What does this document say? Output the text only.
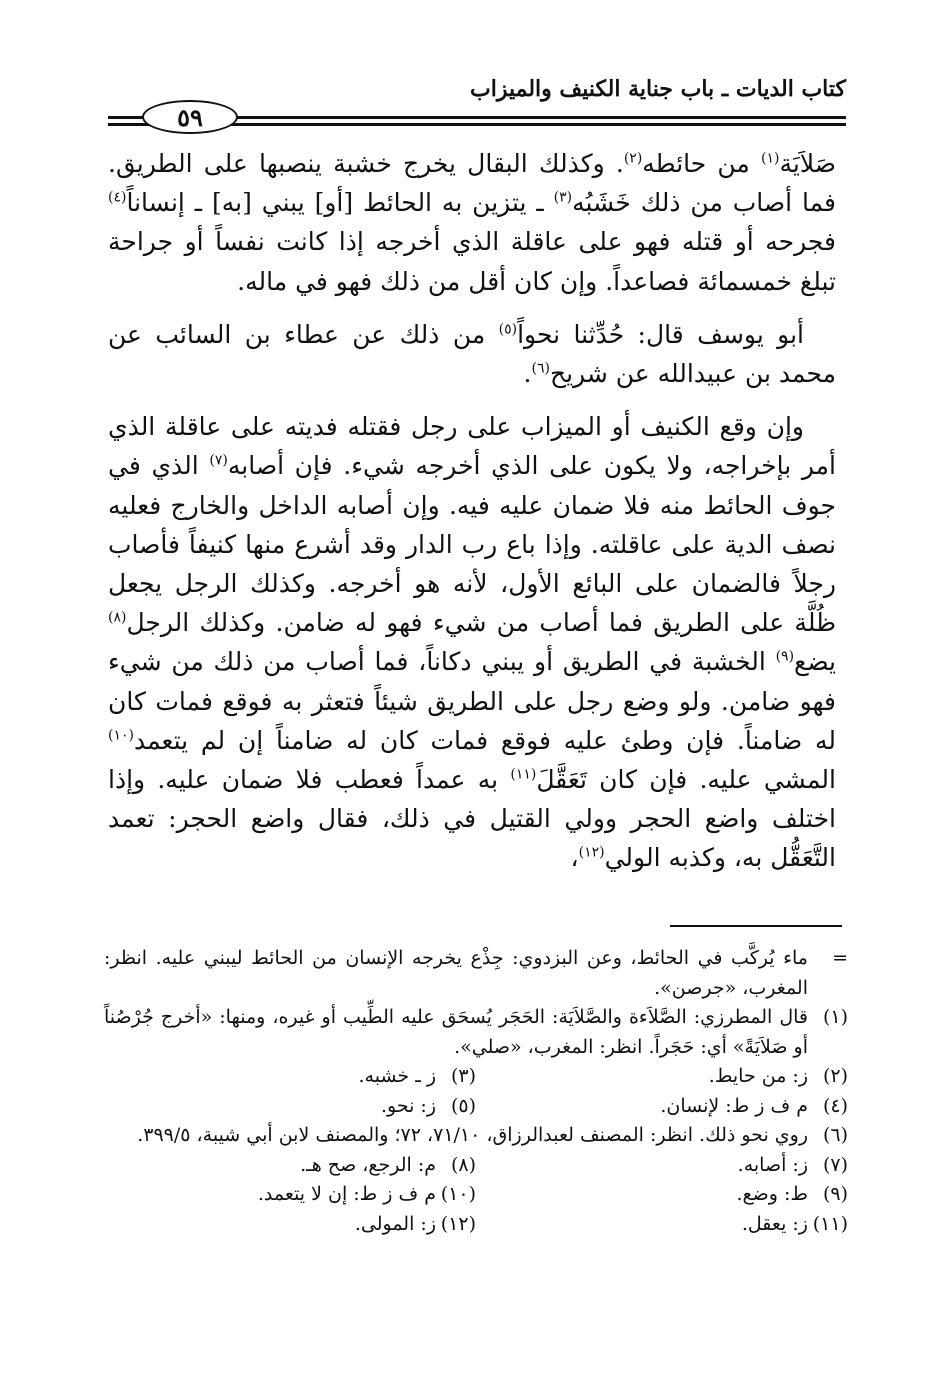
كتاب الديات ـ باب جناية الكنيف والميزاب
٥٩

صَلاَيَة$^{(١)}$ من حائطه$^{(٢)}$. وكذلك البقال يخرج خشبة ينصبها على الطريق. فما أصاب من ذلك خَشَبُه$^{(٣)}$ ـ يتزين به الحائط [أو] يبني [به] ـ إنساناً$^{(٤)}$ فجرحه أو قتله فهو على عاقلة الذي أخرجه إذا كانت نفساً أو جراحة تبلغ خمسمائة فصاعداً. وإن كان أقل من ذلك فهو في ماله.

أبو يوسف قال: حُدِّثنا نحواً$^{(٥)}$ من ذلك عن عطاء بن السائب عن محمد بن عبيدالله عن شريح$^{(٦)}$.

وإن وقع الكنيف أو الميزاب على رجل فقتله فديته على عاقلة الذي أمر بإخراجه، ولا يكون على الذي أخرجه شيء. فإن أصابه$^{(٧)}$ الذي في جوف الحائط منه فلا ضمان عليه فيه. وإن أصابه الداخل والخارج فعليه نصف الدية على عاقلته. وإذا باع رب الدار وقد أشرع منها كنيفاً فأصاب رجلاً فالضمان على البائع الأول، لأنه هو أخرجه. وكذلك الرجل يجعل ظُلَّة على الطريق فما أصاب من شيء فهو له ضامن. وكذلك الرجل$^{(٨)}$ يضع$^{(٩)}$ الخشبة في الطريق أو يبني دكاناً، فما أصاب من ذلك من شيء فهو ضامن. ولو وضع رجل على الطريق شيئاً فتعثر به فوقع فمات كان له ضامناً. فإن وطئ عليه فوقع فمات كان له ضامناً إن لم يتعمد$^{(١٠)}$ المشي عليه. فإن كان تَعَقَّلَ$^{(١١)}$ به عمداً فعطب فلا ضمان عليه. وإذا اختلف واضع الحجر وولي القتيل في ذلك، فقال واضع الحجر: تعمد التَّعَقُّل به، وكذبه الولي$^{(١٢)}$،

=
ماء يُركَّب في الحائط، وعن البزدوي: جِذْع يخرجه الإنسان من الحائط ليبني عليه. انظر: المغرب، «جرصن».
(١)
قال المطرزي: الصَّلاَءة والصَّلاَيَة: الحَجَر يُسحَق عليه الطِّيب أو غيره، ومنها: «أخرج جُرْصُناً أو صَلاَيَةً» أي: حَجَراً. انظر: المغرب، «صلي».
(٢)
ز: من حايط.
(٣)
ز ـ خشبه.
(٤)
م ف ز ط: لإنسان.
(٥)
ز: نحو.
(٦)
روي نحو ذلك. انظر: المصنف لعبدالرزاق، ٧١/١٠، ٧٢؛ والمصنف لابن أبي شيبة، ٣٩٩/٥.
(٧)
ز: أصابه.
(٨)
م: الرجع، صح هـ.
(٩)
ط: وضع.
(١٠)
م ف ز ط: إن لا يتعمد.
(١١)
ز: يعقل.
(١٢)
ز: المولى.
